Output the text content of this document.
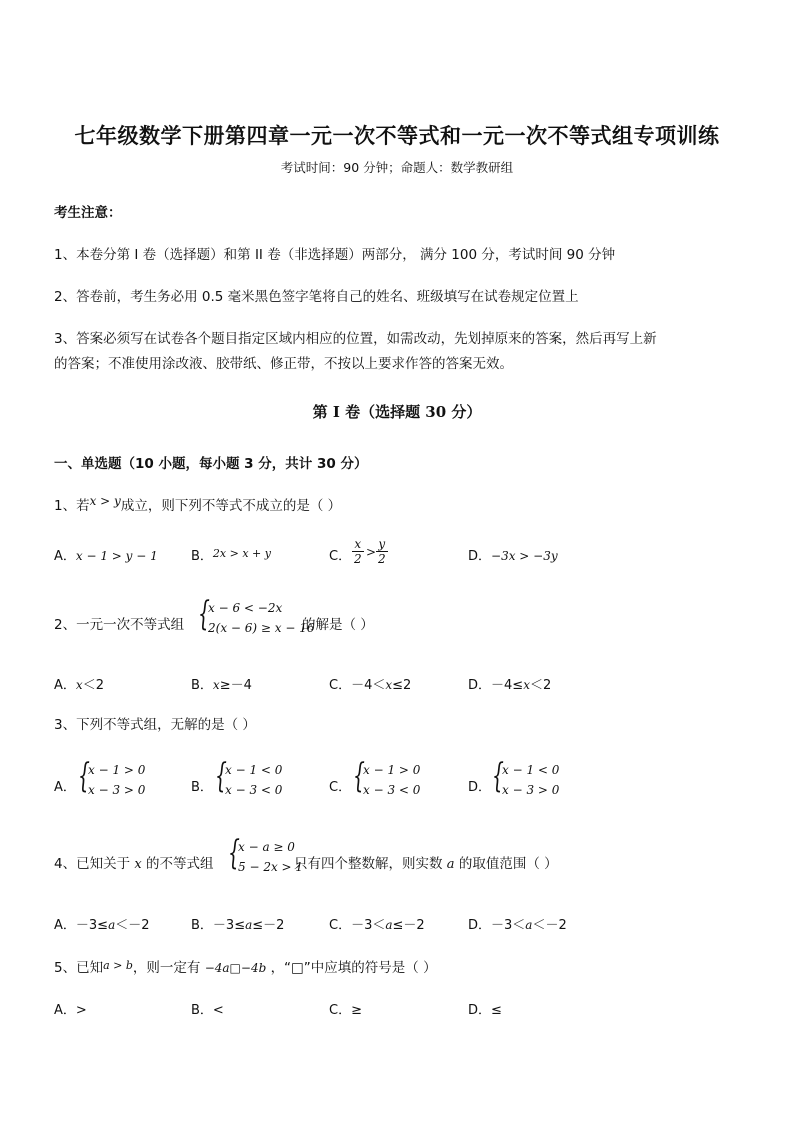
七年级数学下册第四章一元一次不等式和一元一次不等式组专项训练
考试时间：90 分钟；命题人：数学教研组
考生注意：
1、本卷分第 I 卷（选择题）和第 II 卷（非选择题）两部分， 满分 100 分，考试时间 90 分钟
2、答卷前，考生务必用 0.5 毫米黑色签字笔将自己的姓名、班级填写在试卷规定位置上
3、答案必须写在试卷各个题目指定区域内相应的位置，如需改动，先划掉原来的答案，然后再写上新
的答案；不准使用涂改液、胶带纸、修正带，不按以上要求作答的答案无效。
第 I 卷（选择题 30 分）
一、单选题（10 小题，每小题 3 分，共计 30 分）
1、若x > y成立，则下列不等式不成立的是（ ）
A．x − 1 > y − 1	B．$^{2x > x + y}$	C． $\frac{x}{2} > \frac{y}{2}$	D．−3x > −3y
2、一元一次不等式组 {
x − 6 < −2x
2(x − 6) ≥ x − 16
的解是（ ）
A．x＜2	B．x≥－4	C．－4＜x≤2	D．－4≤x＜2
3、下列不等式组，无解的是（ ）
A． {
x − 1 > 0
x − 3 > 0	B． {
x − 1 < 0
x − 3 < 0	C． {
x − 1 > 0
x − 3 < 0	D． {
x − 1 < 0
x − 3 > 0
4、已知关于 x 的不等式组 {
x − a ≥ 0
5 − 2x > 1
只有四个整数解，则实数 a 的取值范围（ ）
A．－3≤a＜－2	B．－3≤a≤－2	C．－3＜a≤－2	D．－3＜a＜－2
5、已知$^{a > b}$，则一定有 −4a□−4b ，“□”中应填的符号是（ ）
A．>	B．<	C．≥	D．≤
